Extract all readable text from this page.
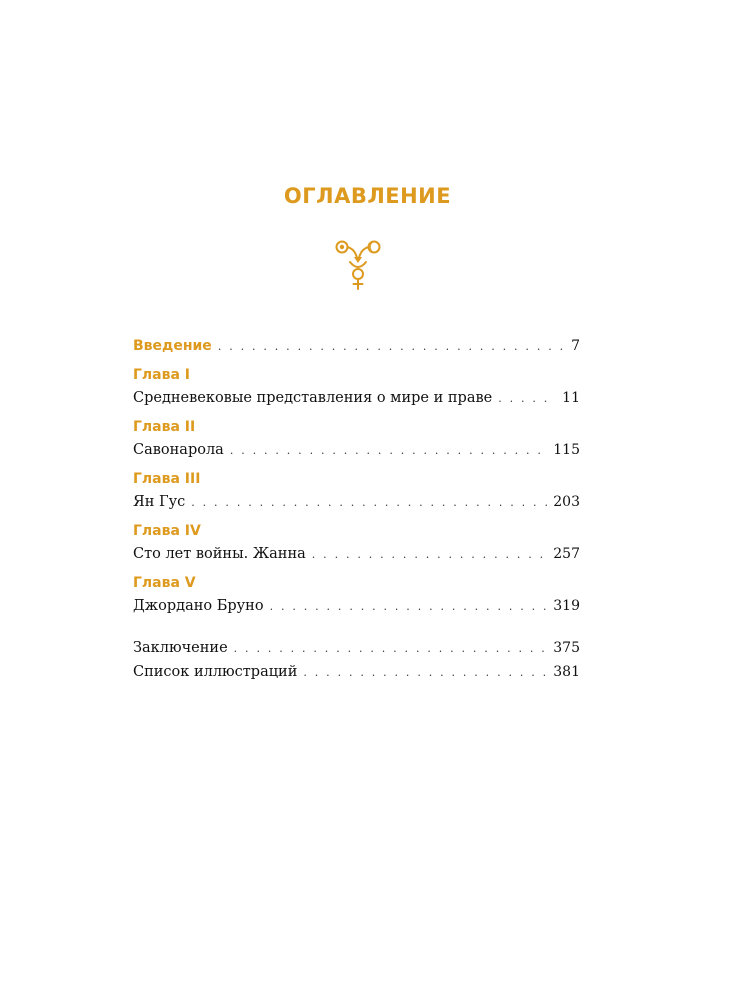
ОГЛАВЛЕНИЕ
Введение . . .	7
Глава I
Средневековые представления о мире и праве . . .	11
Глава II
Савонарола . . .	115
Глава III
Ян Гус . . .	203
Глава IV
Сто лет войны. Жанна . . .	257
Глава V
Джордано Бруно . . .	319
Заключение . . .	375
Список иллюстраций . . .	381
